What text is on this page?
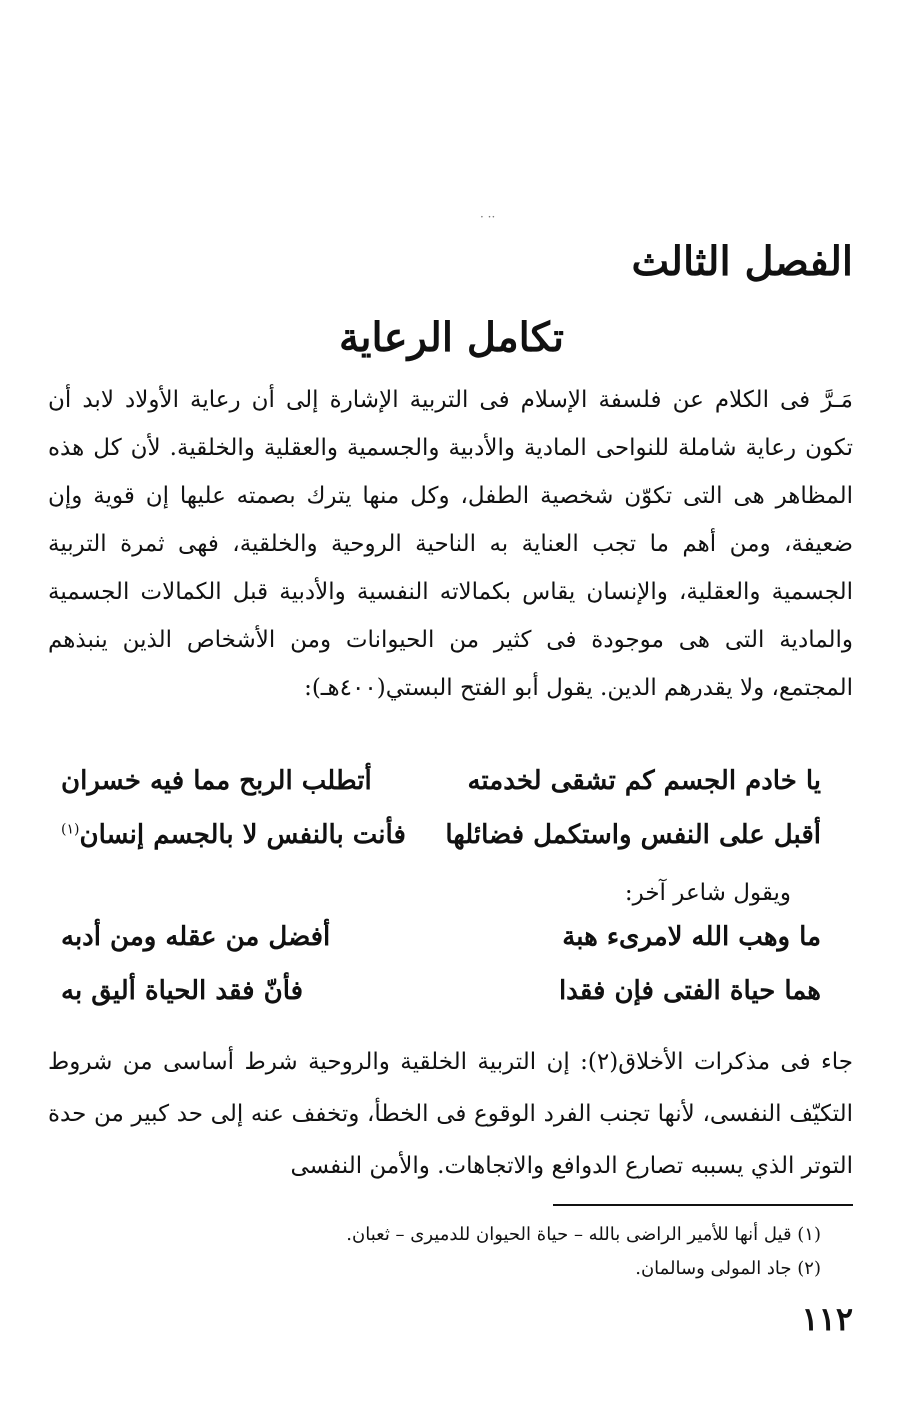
·· ·
الفصل الثالث
تكامل الرعاية

مَـرَّ فى الكلام عن فلسفة الإسلام فى التربية الإشارة إلى أن رعاية الأولاد لابد أن تكون رعاية شاملة للنواحى المادية والأدبية والجسمية والعقلية والخلقية. لأن كل هذه المظاهر هى التى تكوّن شخصية الطفل، وكل منها يترك بصمته عليها إن قوية وإن ضعيفة، ومن أهم ما تجب العناية به الناحية الروحية والخلقية، فهى ثمرة التربية الجسمية والعقلية، والإنسان يقاس بكمالاته النفسية والأدبية قبل الكمالات الجسمية والمادية التى هى موجودة فى كثير من الحيوانات ومن الأشخاص الذين ينبذهم المجتمع، ولا يقدرهم الدين. يقول أبو الفتح البستي(٤٠٠هـ):

يا خادم الجسم كم تشقى لخدمته
أتطلب الربح مما فيه خسران
أقبل على النفس واستكمل فضائلها
فأنت بالنفس لا بالجسم إنسان$^{(١)}$

ويقول شاعر آخر:

ما وهب الله لامرىء هبة
أفضل من عقله ومن أدبه
هما حياة الفتى فإن فقدا
فأنّ فقد الحياة أليق به

جاء فى مذكرات الأخلاق(٢): إن التربية الخلقية والروحية شرط أساسى من شروط التكيّف النفسى، لأنها تجنب الفرد الوقوع فى الخطأ، وتخفف عنه إلى حد كبير من حدة التوتر الذي يسببه تصارع الدوافع والاتجاهات. والأمن النفسى

(١) قيل أنها للأمير الراضى بالله – حياة الحيوان للدميرى – ثعبان.

(٢) جاد المولى وسالمان.

١١٢
